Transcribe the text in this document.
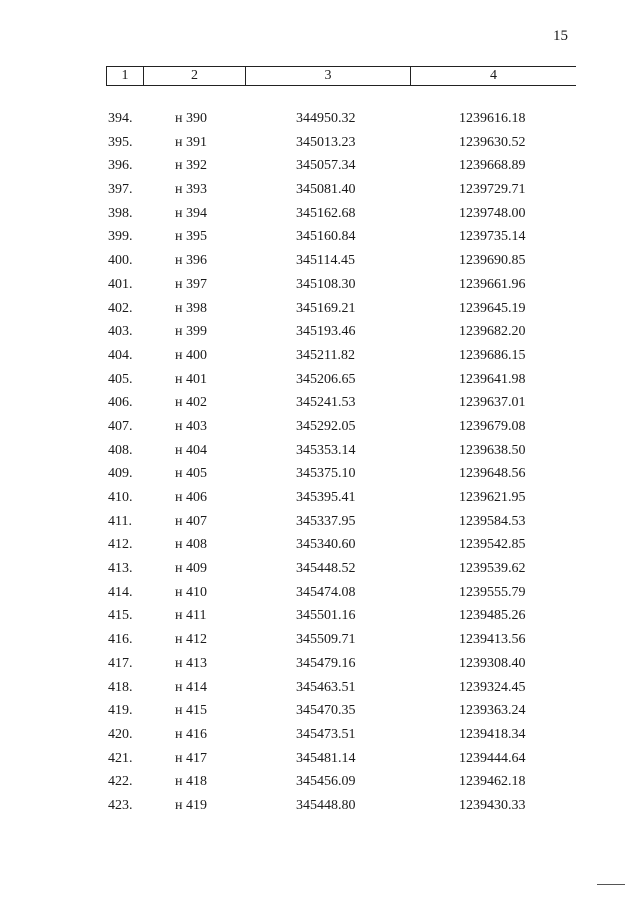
15
1	2	3	4
394.	н 390	344950.32	1239616.18
395.	н 391	345013.23	1239630.52
396.	н 392	345057.34	1239668.89
397.	н 393	345081.40	1239729.71
398.	н 394	345162.68	1239748.00
399.	н 395	345160.84	1239735.14
400.	н 396	345114.45	1239690.85
401.	н 397	345108.30	1239661.96
402.	н 398	345169.21	1239645.19
403.	н 399	345193.46	1239682.20
404.	н 400	345211.82	1239686.15
405.	н 401	345206.65	1239641.98
406.	н 402	345241.53	1239637.01
407.	н 403	345292.05	1239679.08
408.	н 404	345353.14	1239638.50
409.	н 405	345375.10	1239648.56
410.	н 406	345395.41	1239621.95
411.	н 407	345337.95	1239584.53
412.	н 408	345340.60	1239542.85
413.	н 409	345448.52	1239539.62
414.	н 410	345474.08	1239555.79
415.	н 411	345501.16	1239485.26
416.	н 412	345509.71	1239413.56
417.	н 413	345479.16	1239308.40
418.	н 414	345463.51	1239324.45
419.	н 415	345470.35	1239363.24
420.	н 416	345473.51	1239418.34
421.	н 417	345481.14	1239444.64
422.	н 418	345456.09	1239462.18
423.	н 419	345448.80	1239430.33
